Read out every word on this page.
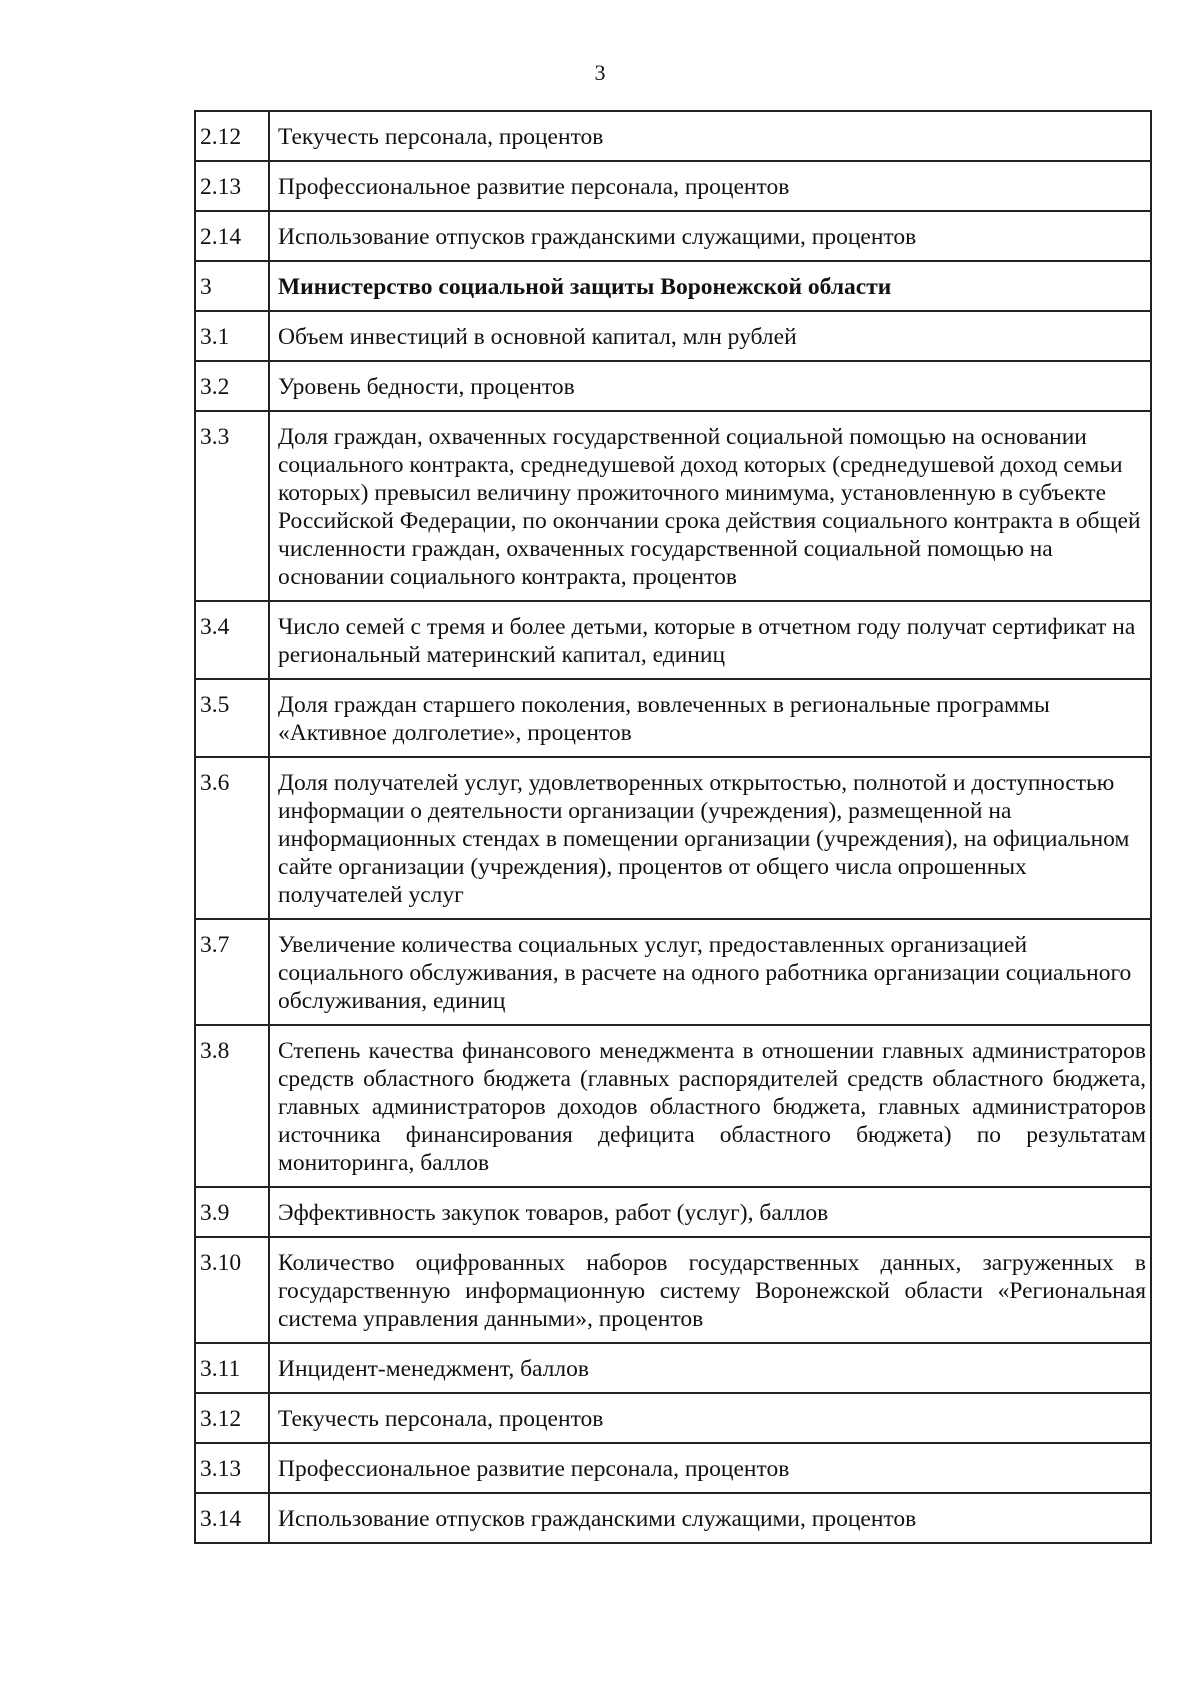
3
2.12	Текучесть персонала, процентов
2.13	Профессиональное развитие персонала, процентов
2.14	Использование отпусков гражданскими служащими, процентов
3	Министерство социальной защиты Воронежской области
3.1	Объем инвестиций в основной капитал, млн рублей
3.2	Уровень бедности, процентов
3.3	Доля граждан, охваченных государственной социальной помощью на основании социального контракта, среднедушевой доход которых (среднедушевой доход семьи которых) превысил величину прожиточного минимума, установленную в субъекте Российской Федерации, по окончании срока действия социального контракта в общей численности граждан, охваченных государственной социальной помощью на основании социального контракта, процентов
3.4	Число семей с тремя и более детьми, которые в отчетном году получат сертификат на региональный материнский капитал, единиц
3.5	Доля граждан старшего поколения, вовлеченных в региональные программы «Активное долголетие», процентов
3.6	Доля получателей услуг, удовлетворенных открытостью, полнотой и доступностью информации о деятельности организации (учреждения), размещенной на информационных стендах в помещении организации (учреждения), на официальном сайте организации (учреждения), процентов от общего числа опрошенных получателей услуг
3.7	Увеличение количества социальных услуг, предоставленных организацией социального обслуживания, в расчете на одного работника организации социального обслуживания, единиц
3.8	Степень качества финансового менеджмента в отношении главных администраторов средств областного бюджета (главных распорядителей средств областного бюджета, главных администраторов доходов областного бюджета, главных администраторов источника финансирования дефицита областного бюджета) по результатам мониторинга, баллов
3.9	Эффективность закупок товаров, работ (услуг), баллов
3.10	Количество оцифрованных наборов государственных данных, загруженных в государственную информационную систему Воронежской области «Региональная система управления данными», процентов
3.11	Инцидент-менеджмент, баллов
3.12	Текучесть персонала, процентов
3.13	Профессиональное развитие персонала, процентов
3.14	Использование отпусков гражданскими служащими, процентов
